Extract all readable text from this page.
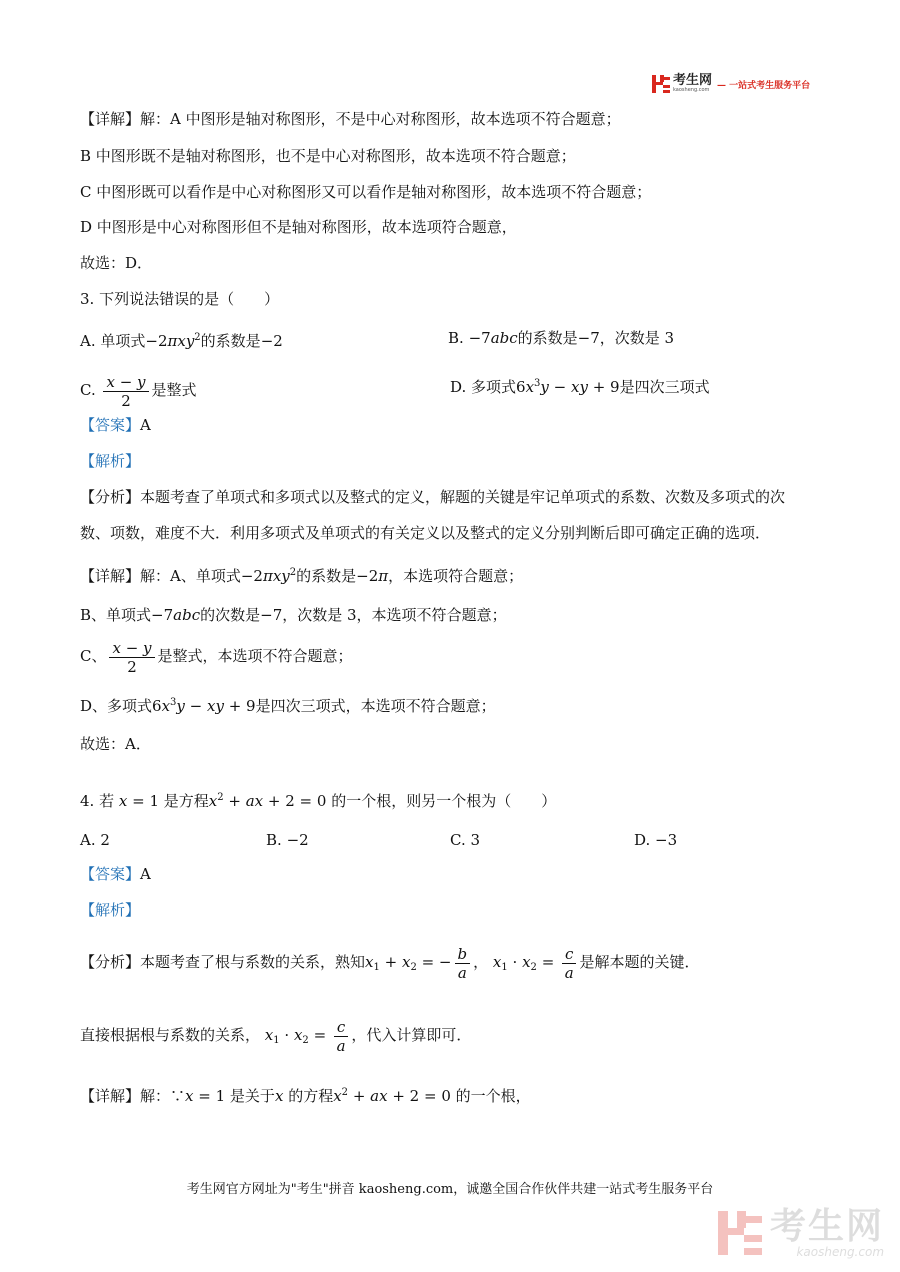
考生网
kaosheng.com — 一站式考生服务平台
【详解】解：A 中图形是轴对称图形，不是中心对称图形，故本选项不符合题意；
B 中图形既不是轴对称图形，也不是中心对称图形，故本选项不符合题意；
C 中图形既可以看作是中心对称图形又可以看作是轴对称图形，故本选项不符合题意；
D 中图形是中心对称图形但不是轴对称图形，故本选项符合题意，
故选：D．
3. 下列说法错误的是（　　）
A. 单项式−2πxy$^2$的系数是−2	B. −7abc的系数是−7，次数是 3
C. $\frac{x - y}{2}$ 是整式	D. 多项式$6x^3y$ − xy + 9是四次三项式
【答案】A
【解析】
【分析】本题考查了单项式和多项式以及整式的定义，解题的关键是牢记单项式的系数、次数及多项式的次
数、项数，难度不大．利用多项式及单项式的有关定义以及整式的定义分别判断后即可确定正确的选项．
【详解】解：A、单项式−2πxy$^2$的系数是−2π，本选项符合题意；
B、单项式−7abc的次数是−7，次数是 3，本选项不符合题意；
C、 $\frac{x - y}{2}$ 是整式，本选项不符合题意；
D、多项式$6x^3y$ − xy + 9是四次三项式，本选项不符合题意；
故选：A．
4. 若 x = 1 是方程$x^2$ + ax + 2 = 0 的一个根，则另一个根为（　　）
A. 2	B. −2	C. 3	D. −3
【答案】A
【解析】
【分析】本题考查了根与系数的关系，熟知$x_1 + x_2$ = − $\frac{b}{a}$ ， $x_1 \cdot x_2 = \frac{c}{a}$ 是解本题的关键．
直接根据根与系数的关系， $x_1 \cdot x_2 = \frac{c}{a}$ ，代入计算即可．
【详解】解：∵x = 1 是关于x 的方程$x^2$ + ax + 2 = 0 的一个根，
考生网官方网址为"考生"拼音 kaosheng.com，诚邀全国合作伙伴共建一站式考生服务平台
考生网
kaosheng.com
